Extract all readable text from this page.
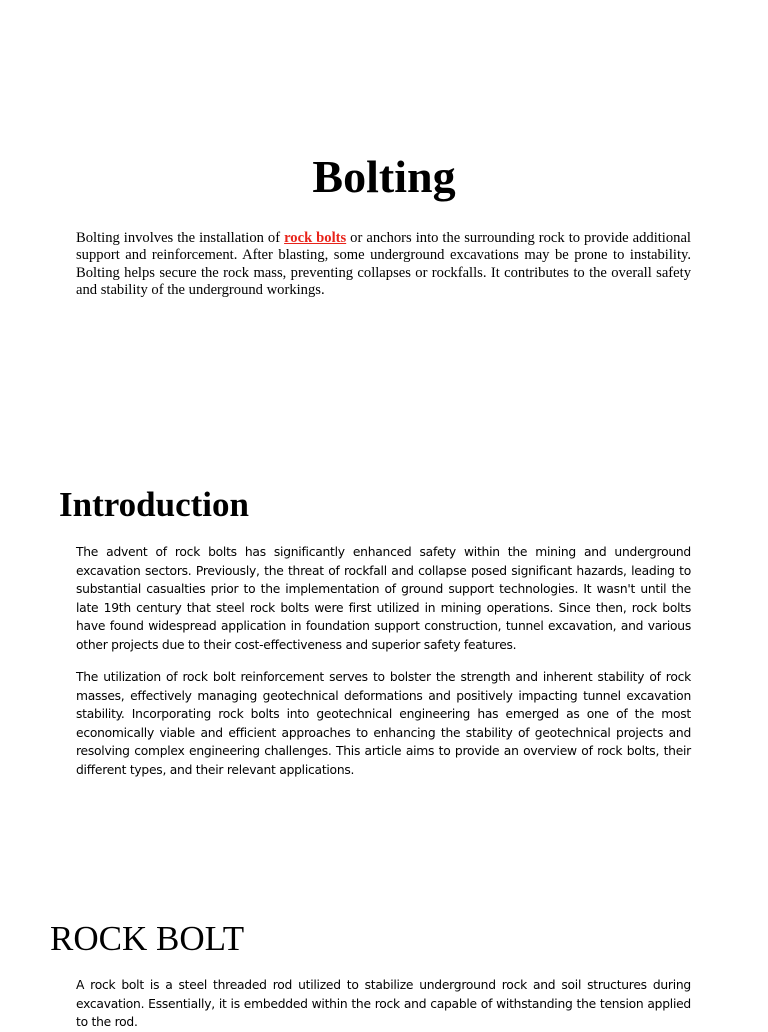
Bolting

Bolting involves the installation of rock bolts or anchors into the surrounding rock to provide additional support and reinforcement. After blasting, some underground excavations may be prone to instability. Bolting helps secure the rock mass, preventing collapses or rockfalls. It contributes to the overall safety and stability of the underground workings.

Introduction

The advent of rock bolts has significantly enhanced safety within the mining and underground excavation sectors. Previously, the threat of rockfall and collapse posed significant hazards, leading to substantial casualties prior to the implementation of ground support technologies. It wasn't until the late 19th century that steel rock bolts were first utilized in mining operations. Since then, rock bolts have found widespread application in foundation support construction, tunnel excavation, and various other projects due to their cost-effectiveness and superior safety features.

The utilization of rock bolt reinforcement serves to bolster the strength and inherent stability of rock masses, effectively managing geotechnical deformations and positively impacting tunnel excavation stability. Incorporating rock bolts into geotechnical engineering has emerged as one of the most economically viable and efficient approaches to enhancing the stability of geotechnical projects and resolving complex engineering challenges. This article aims to provide an overview of rock bolts, their different types, and their relevant applications.

ROCK BOLT

A rock bolt is a steel threaded rod utilized to stabilize underground rock and soil structures during excavation. Essentially, it is embedded within the rock and capable of withstanding the tension applied to the rod.
